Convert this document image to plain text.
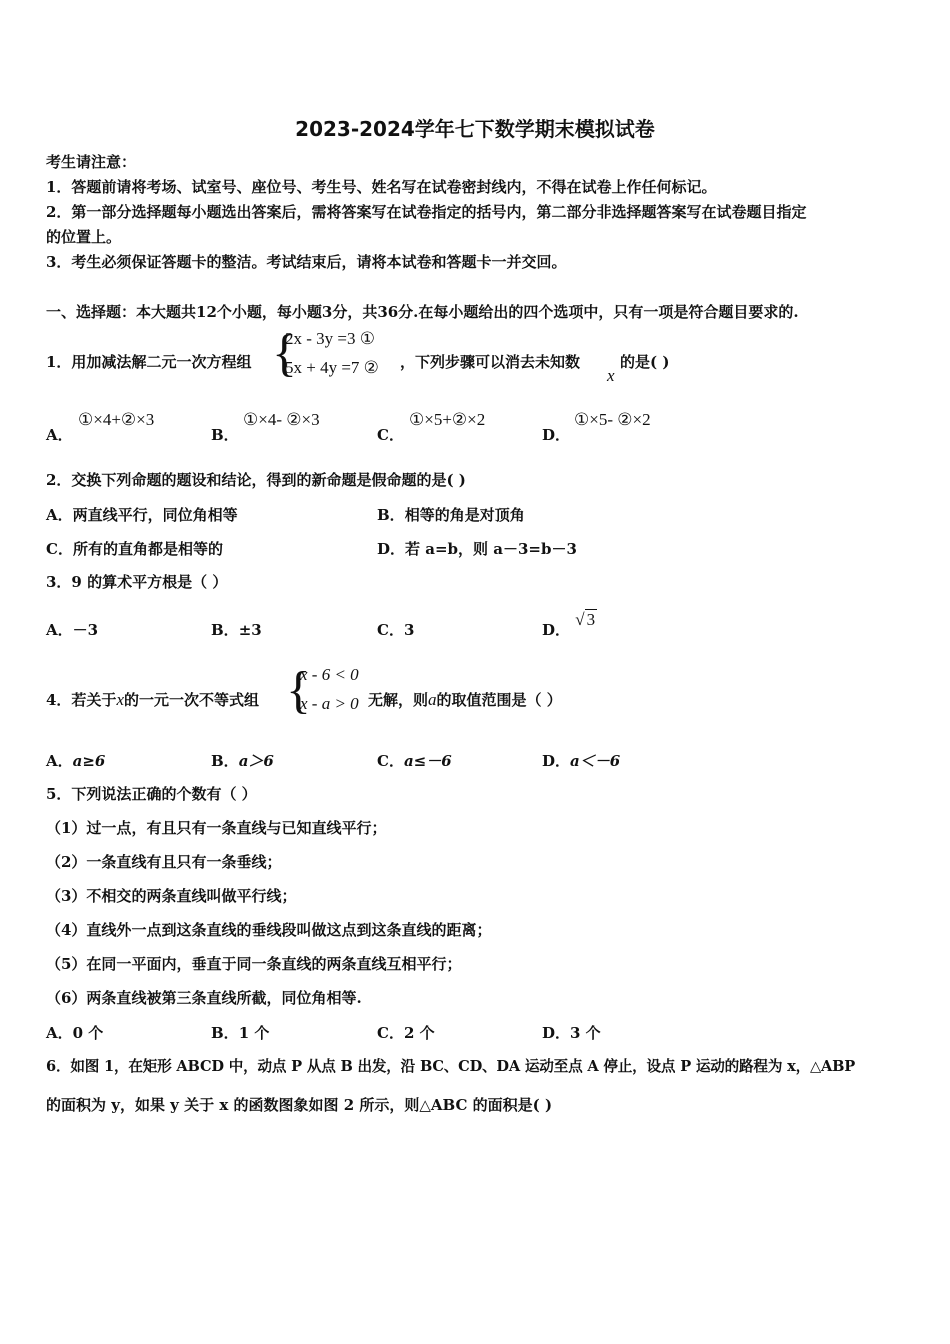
2023-2024学年七下数学期末模拟试卷
考生请注意：
1．答题前请将考场、试室号、座位号、考生号、姓名写在试卷密封线内，不得在试卷上作任何标记。
2．第一部分选择题每小题选出答案后，需将答案写在试卷指定的括号内，第二部分非选择题答案写在试卷题目指定
的位置上。
3．考生必须保证答题卡的整洁。考试结束后，请将本试卷和答题卡一并交回。
一、选择题：本大题共12个小题，每小题3分，共36分.在每小题给出的四个选项中，只有一项是符合题目要求的.
1．用加减法解二元一次方程组 {
2x - 3y =3 ①
5x + 4y =7 ② ，下列步骤可以消去未知数
x
的是( )
A．
①×4+②×3
B．
①×4- ②×3
C．
①×5+②×2
D．
①×5- ②×2
2．交换下列命题的题设和结论，得到的新命题是假命题的是( )
A．两直线平行，同位角相等	B．相等的角是对顶角
C．所有的直角都是相等的	D．若 a=b，则 a－3=b－3
3．9 的算术平方根是（ ）
A．－3	B．±3	C．3	D． √ 3
4．若关于x的一元一次不等式组 {
x - 6 < 0
x - a > 0 无解，则a的取值范围是（ ）
A．a≥6	B．a＞6	C．a≤－6	D．a＜－6
5．下列说法正确的个数有（ ）
（1）过一点，有且只有一条直线与已知直线平行；
（2）一条直线有且只有一条垂线；
（3）不相交的两条直线叫做平行线；
（4）直线外一点到这条直线的垂线段叫做这点到这条直线的距离；
（5）在同一平面内，垂直于同一条直线的两条直线互相平行；
（6）两条直线被第三条直线所截，同位角相等.
A．0 个	B．1 个	C．2 个	D．3 个
6．如图 1，在矩形 ABCD 中，动点 P 从点 B 出发，沿 BC、CD、DA 运动至点 A 停止，设点 P 运动的路程为 x，△ABP
的面积为 y，如果 y 关于 x 的函数图象如图 2 所示，则△ABC 的面积是( )
